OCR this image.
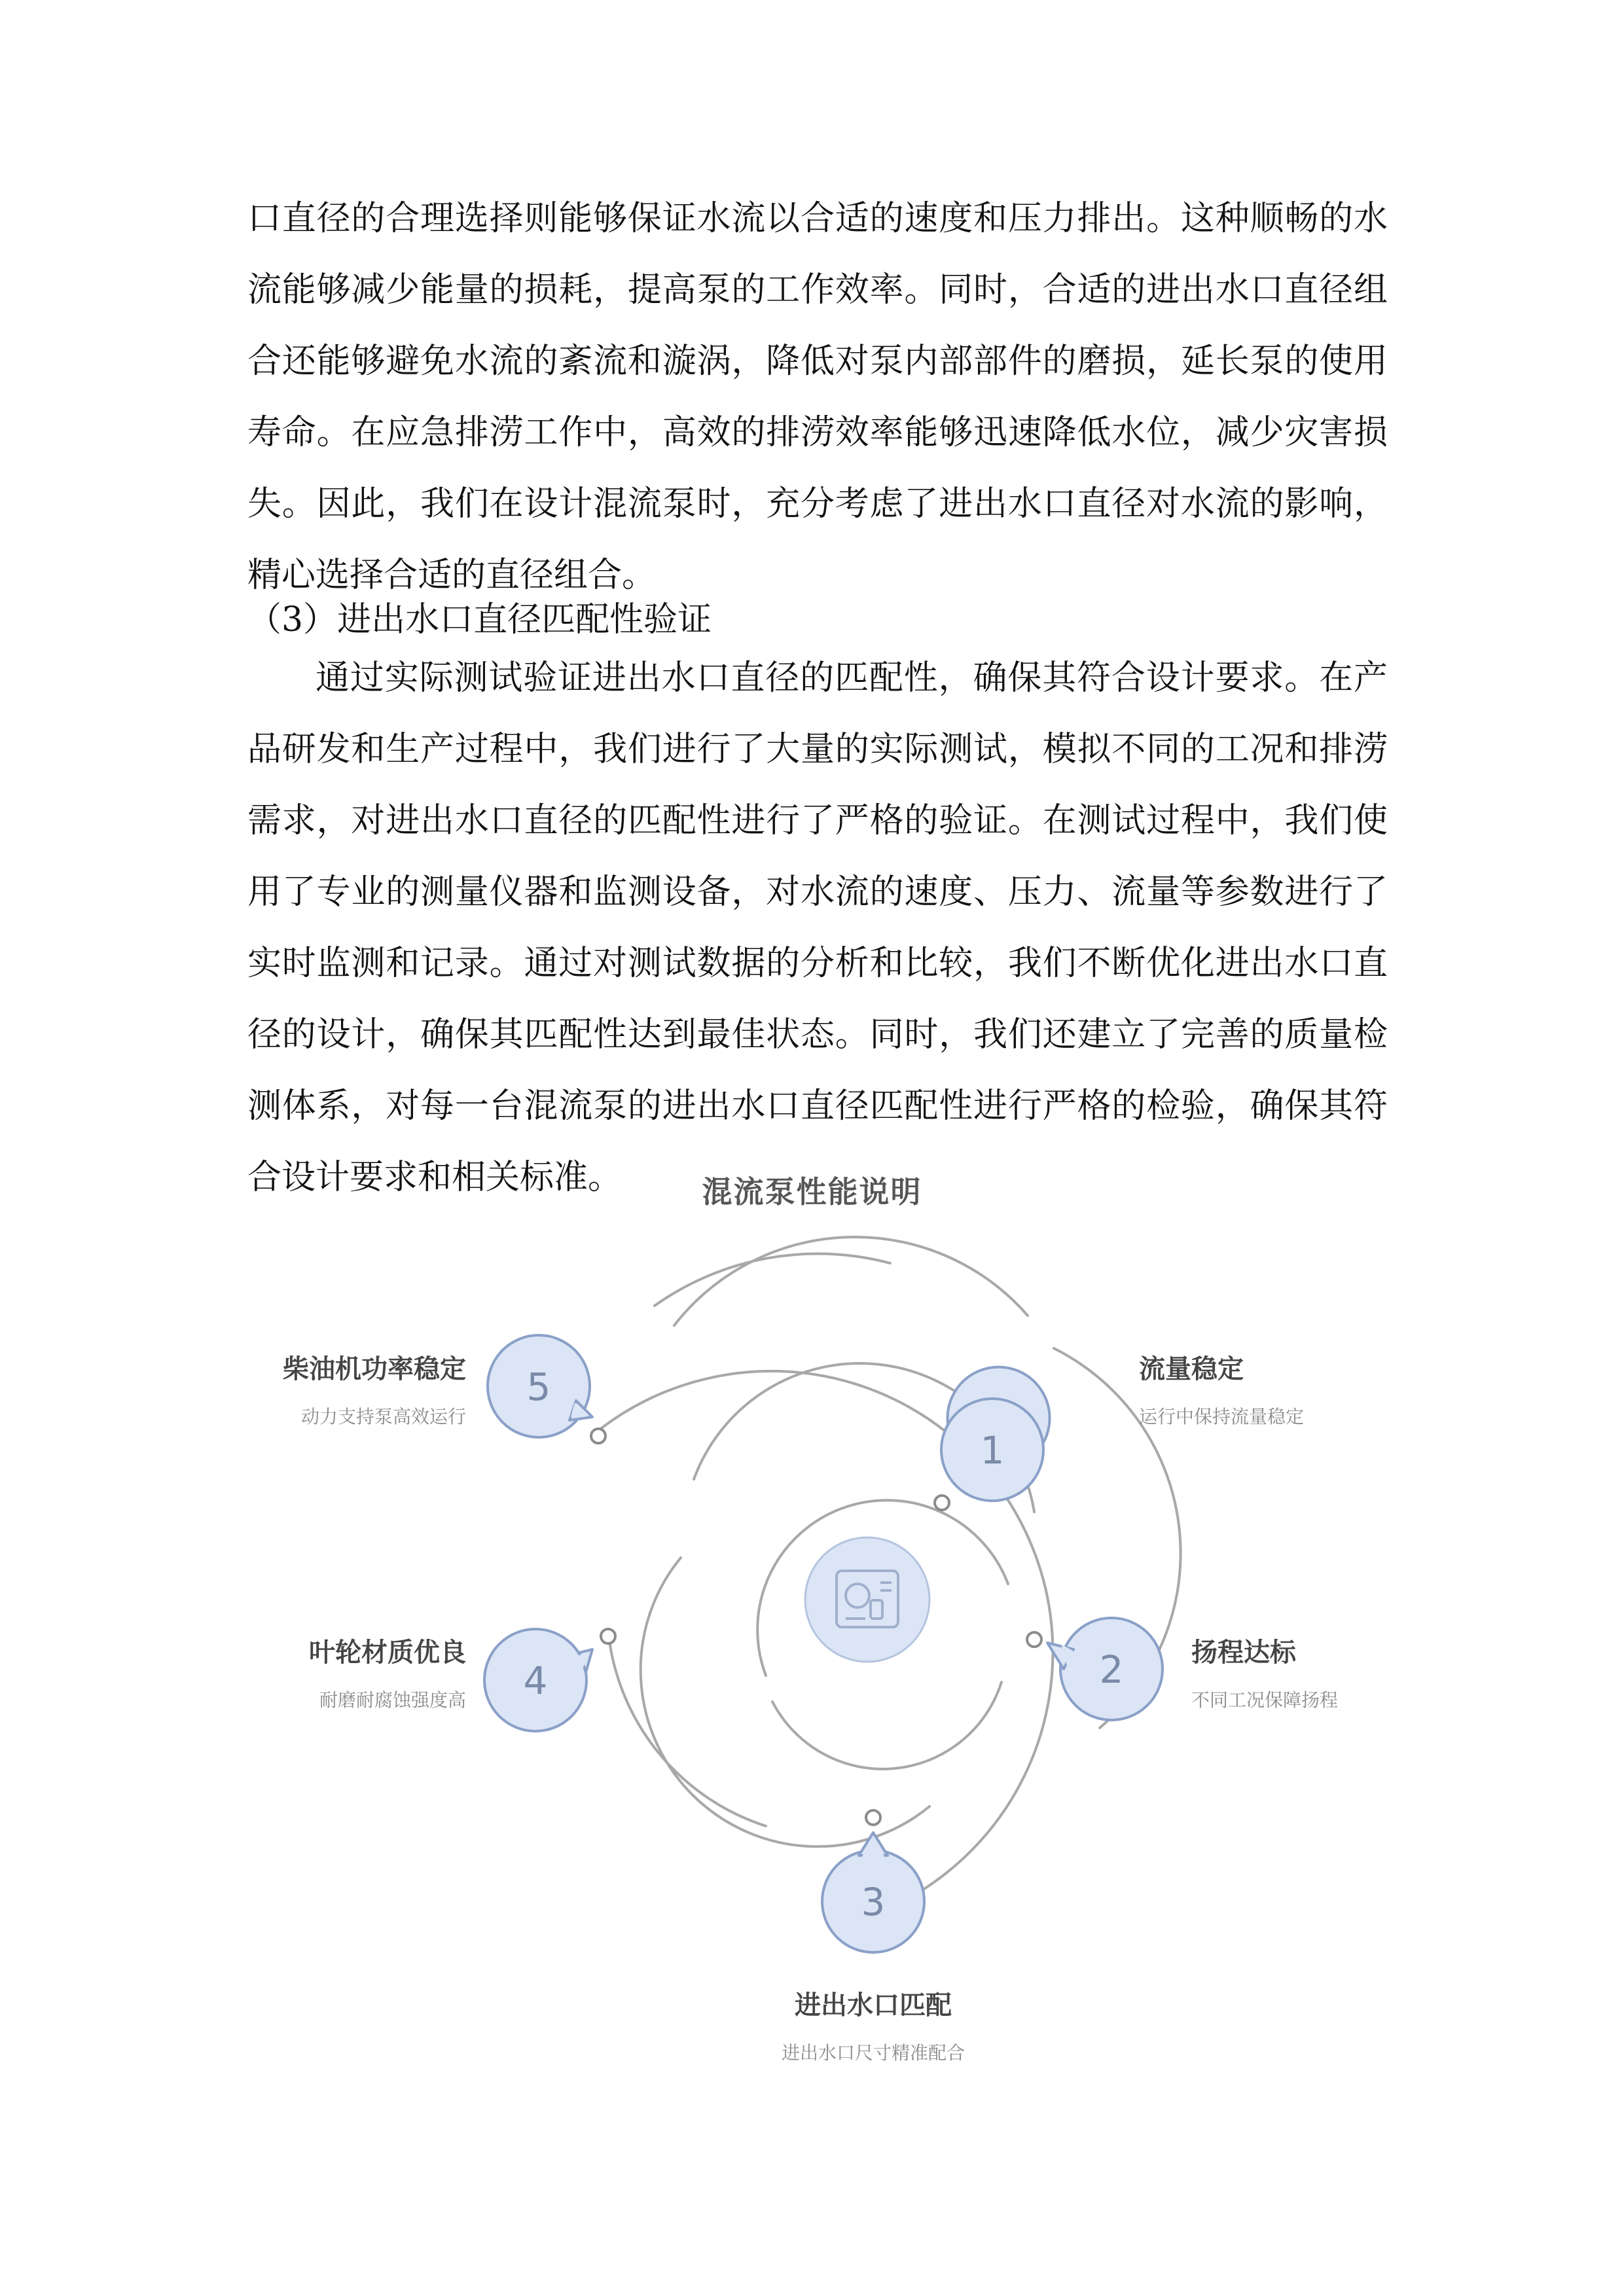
口直径的合理选择则能够保证水流以合适的速度和压力排出。这种顺畅的水流能够减少能量的损耗，提高泵的工作效率。同时，合适的进出水口直径组合还能够避免水流的紊流和漩涡，降低对泵内部部件的磨损，延长泵的使用寿命。在应急排涝工作中，高效的排涝效率能够迅速降低水位，减少灾害损失。因此，我们在设计混流泵时，充分考虑了进出水口直径对水流的影响，精心选择合适的直径组合。

（3）进出水口直径匹配性验证

通过实际测试验证进出水口直径的匹配性，确保其符合设计要求。在产品研发和生产过程中，我们进行了大量的实际测试，模拟不同的工况和排涝需求，对进出水口直径的匹配性进行了严格的验证。在测试过程中，我们使用了专业的测量仪器和监测设备，对水流的速度、压力、流量等参数进行了实时监测和记录。通过对测试数据的分析和比较，我们不断优化进出水口直径的设计，确保其匹配性达到最佳状态。同时，我们还建立了完善的质量检测体系，对每一台混流泵的进出水口直径匹配性进行严格的检验，确保其符合设计要求和相关标准。	混流泵性能说明
1
2
3
4
5	流量稳定
运行中保持流量稳定
扬程达标
不同工况保障扬程
进出水口匹配
进出水口尺寸精准配合
叶轮材质优良
耐磨耐腐蚀强度高
柴油机功率稳定
动力支持泵高效运行
